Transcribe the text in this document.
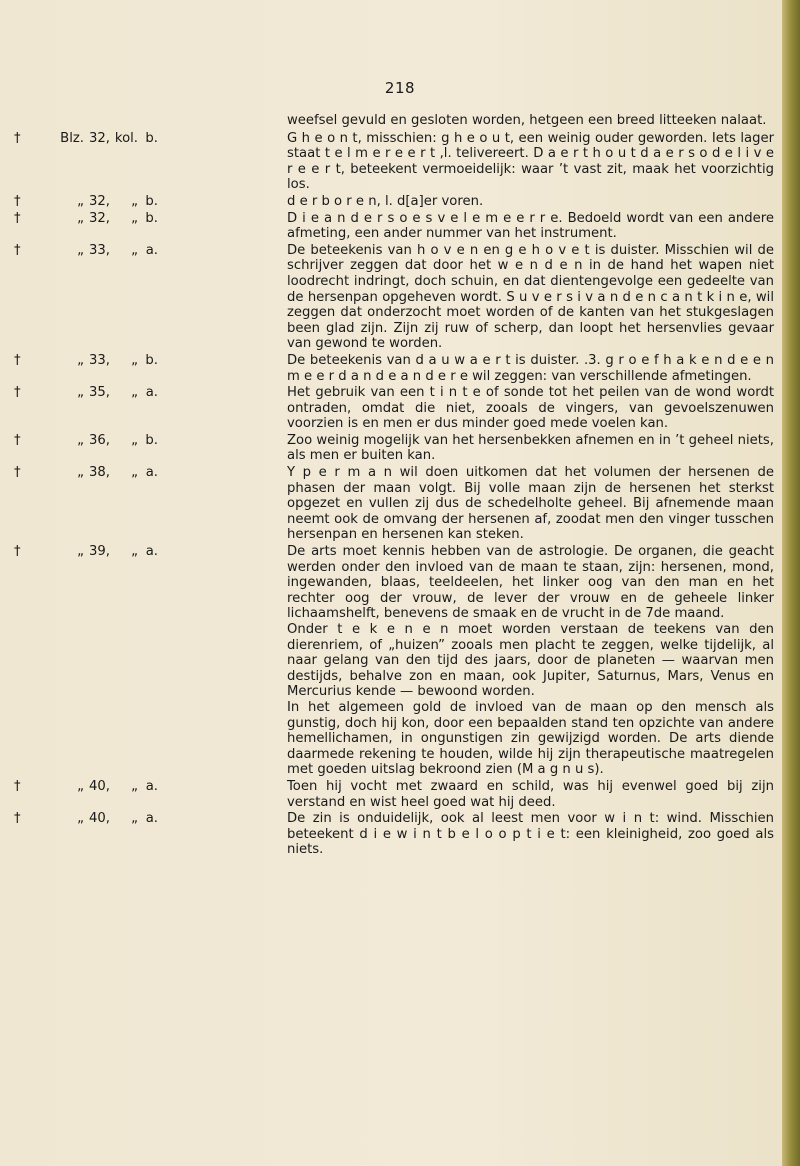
218

weefsel gevuld en gesloten worden, hetgeen een breed litteeken nalaat.

†	Blz. 32, kol. b.	G h e o n t, misschien: g h e o u t, een weinig ouder geworden. Iets lager staat t e l m e r e e r t ,l. telivereert. D a e r t h o u t d a e r s o d e l i v e r e e r t, beteekent vermoeidelijk: waar ’t vast zit, maak het voorzichtig los.

†	„ 32, „ b.	d e r b o r e n, l. d[a]er voren.

†	„ 32, „ b.	D i e a n d e r s o e s v e l e m e e r r e. Bedoeld wordt van een andere afmeting, een ander nummer van het instrument.

†	„ 33, „ a.	De beteekenis van h o v e n en g e h o v e t is duister. Misschien wil de schrijver zeggen dat door het w e n d e n in de hand het wapen niet loodrecht indringt, doch schuin, en dat dientengevolge een gedeelte van de hersenpan opgeheven wordt. S u v e r s i v a n d e n c a n t k i n e, wil zeggen dat onderzocht moet worden of de kanten van het stukgeslagen been glad zijn. Zijn zij ruw of scherp, dan loopt het hersenvlies gevaar van gewond te worden.

†	„ 33, „ b.	De beteekenis van d a u w a e r t is duister. .3. g r o e f h a k e n d e e n m e e r d a n d e a n d e r e wil zeggen: van verschillende afmetingen.

†	„ 35, „ a.	Het gebruik van een t i n t e of sonde tot het peilen van de wond wordt ontraden, omdat die niet, zooals de vingers, van gevoelszenuwen voorzien is en men er dus minder goed mede voelen kan.

†	„ 36, „ b.	Zoo weinig mogelijk van het hersenbekken afnemen en in ’t geheel niets, als men er buiten kan.

†	„ 38, „ a.	Y p e r m a n wil doen uitkomen dat het volumen der hersenen de phasen der maan volgt. Bij volle maan zijn de hersenen het sterkst opgezet en vullen zij dus de schedelholte geheel. Bij afnemende maan neemt ook de omvang der hersenen af, zoodat men den vinger tusschen hersenpan en hersenen kan steken.

†	„ 39, „ a.	De arts moet kennis hebben van de astrologie. De organen, die geacht werden onder den invloed van de maan te staan, zijn: hersenen, mond, ingewanden, blaas, teeldeelen, het linker oog van den man en het rechter oog der vrouw, de lever der vrouw en de geheele linker lichaamshelft, benevens de smaak en de vrucht in de 7de maand.

Onder t e k e n e n moet worden verstaan de teekens van den dierenriem, of „huizen” zooals men placht te zeggen, welke tijdelijk, al naar gelang van den tijd des jaars, door de planeten — waarvan men destijds, behalve zon en maan, ook Jupiter, Saturnus, Mars, Venus en Mercurius kende — bewoond worden.

In het algemeen gold de invloed van de maan op den mensch als gunstig, doch hij kon, door een bepaalden stand ten opzichte van andere hemellichamen, in ongunstigen zin gewijzigd worden. De arts diende daarmede rekening te houden, wilde hij zijn therapeutische maatregelen met goeden uitslag bekroond zien (M a g n u s).

†	„ 40, „ a.	Toen hij vocht met zwaard en schild, was hij evenwel goed bij zijn verstand en wist heel goed wat hij deed.

†	„ 40, „ a.	De zin is onduidelijk, ook al leest men voor w i n t: wind. Misschien beteekent d i e w i n t b e l o o p t i e t: een kleinigheid, zoo goed als niets.
